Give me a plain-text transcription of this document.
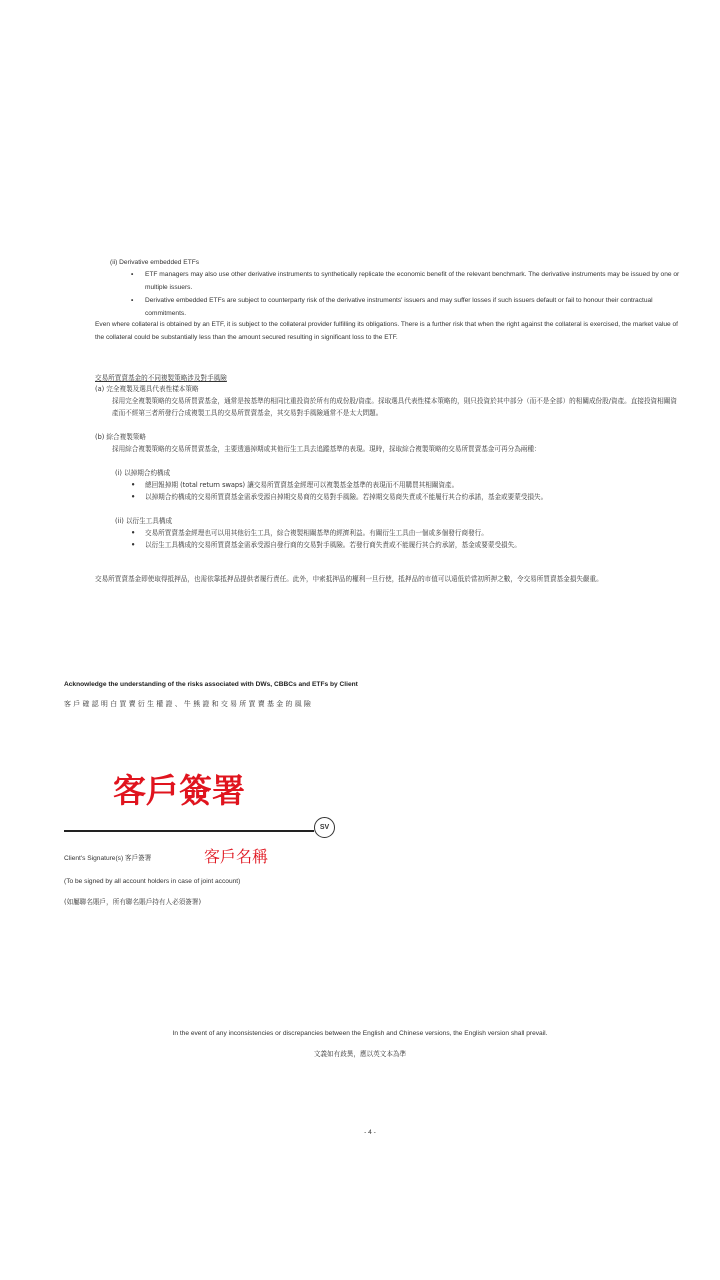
(ii) Derivative embedded ETFs
• ETF managers may also use other derivative instruments to synthetically replicate the economic benefit of the relevant benchmark. The derivative instruments may be issued by one or multiple issuers.
• Derivative embedded ETFs are subject to counterparty risk of the derivative instruments' issuers and may suffer losses if such issuers default or fail to honour their contractual commitments.
Even where collateral is obtained by an ETF, it is subject to the collateral provider fulfilling its obligations. There is a further risk that when the right against the collateral is exercised, the market value of the collateral could be substantially less than the amount secured resulting in significant loss to the ETF.
交易所買賣基金的不同複製策略涉及對手風險
(a) 完全複製及選具代表性樣本策略
採用完全複製策略的交易所買賣基金，通常是按基準的相同比重投資於所有的成份股/資產。採取選具代表性樣本策略的，則只投資於其中部分（而不是全部）的相關成份股/資產。直接投資相關資產而不經第三者所發行合成複製工具的交易所買賣基金，其交易對手風險通常不是太大問題。
(b) 綜合複製策略
採用綜合複製策略的交易所買賣基金，主要透過掉期或其他衍生工具去追蹤基準的表現。現時，採取綜合複製策略的交易所買賣基金可再分為兩種：
(i) 以掉期合約構成
• 總回報掉期 (total return swaps) 讓交易所買賣基金經理可以複製基金基準的表現而不用購買其相關資產。
• 以掉期合約構成的交易所買賣基金需承受源自掉期交易商的交易對手風險。若掉期交易商失責或不能履行其合約承諾，基金或要蒙受損失。
(ii) 以衍生工具構成
• 交易所買賣基金經理也可以用其他衍生工具，綜合複製相關基準的經濟利益。有關衍生工具由一個或多個發行商發行。
• 以衍生工具構成的交易所買賣基金需承受源自發行商的交易對手風險。若發行商失責或不能履行其合約承諾，基金或要蒙受損失。
交易所買賣基金即使取得抵押品，也需依靠抵押品提供者履行責任。此外，申索抵押品的權利一旦行使，抵押品的市值可以遠低於當初所押之數，令交易所買賣基金損失嚴重。
Acknowledge the understanding of the risks associated with DWs, CBBCs and ETFs by Client
客 戶 確 認 明 白 買 賣 衍 生 權 證 、 牛 熊 證 和 交 易 所 買 賣 基 金 的 風 險
客戶簽署
SV
Client's Signature(s) 客戶簽署	客戶名稱
(To be signed by all account holders in case of joint account)
(如屬聯名賬戶，所有聯名賬戶持有人必須簽署)
In the event of any inconsistencies or discrepancies between the English and Chinese versions, the English version shall prevail.
文義如有歧異，應以英文本為準
- 4 -
